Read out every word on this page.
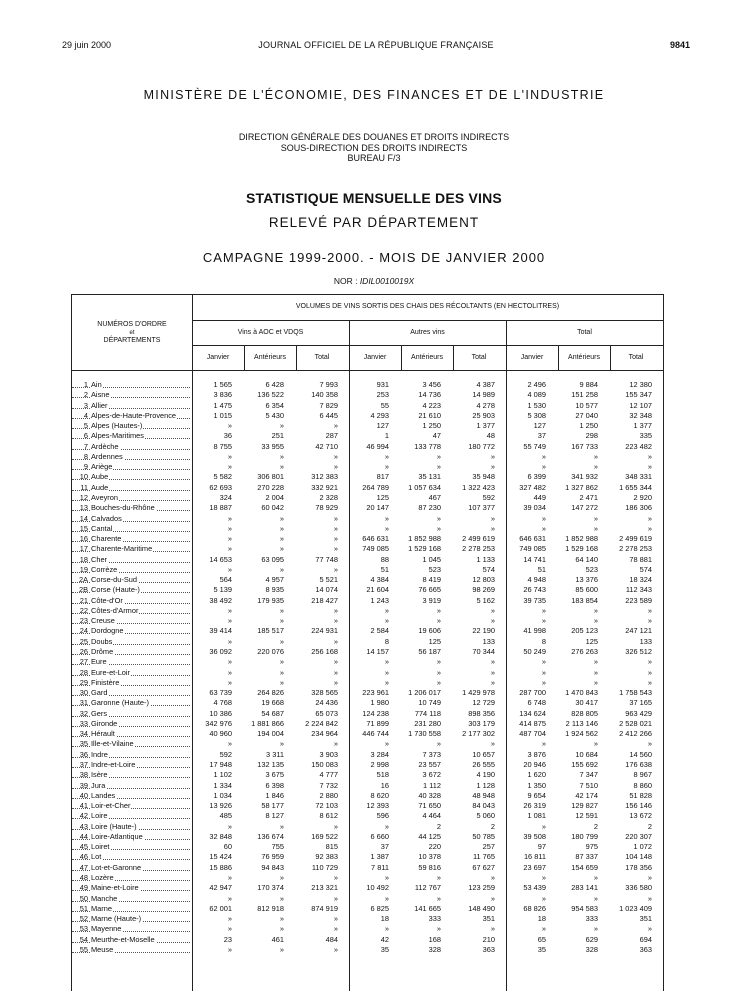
29 juin 2000	JOURNAL OFFICIEL DE LA RÉPUBLIQUE FRANÇAISE	9841
MINISTÈRE DE L'ÉCONOMIE, DES FINANCES ET DE L'INDUSTRIE
DIRECTION GÉNÉRALE DES DOUANES ET DROITS INDIRECTS
SOUS-DIRECTION DES DROITS INDIRECTS
BUREAU F/3
STATISTIQUE MENSUELLE DES VINS
RELEVÉ PAR DÉPARTEMENT
CAMPAGNE 1999-2000. - MOIS DE JANVIER 2000
NOR : IDIL0010019X
NUMÉROS D'ORDRE
et
DÉPARTEMENTS
VOLUMES DE VINS SORTIS DES CHAIS DES RÉCOLTANTS (EN HECTOLITRES)
Vins à AOC et VDQS	Autres vins	Total
Janvier	Antérieurs	Total	Janvier	Antérieurs	Total	Janvier	Antérieurs	Total
1 Ain	1 565	6 428	7 993	931	3 456	4 387	2 496	9 884	12 380
2 Aisne	3 836	136 522	140 358	253	14 736	14 989	4 089	151 258	155 347
3 Allier	1 475	6 354	7 829	55	4 223	4 278	1 530	10 577	12 107
4 Alpes-de-Haute-Provence	1 015	5 430	6 445	4 293	21 610	25 903	5 308	27 040	32 348
5 Alpes (Hautes-)	»	»	»	127	1 250	1 377	127	1 250	1 377
6 Alpes-Maritimes	36	251	287	1	47	48	37	298	335
7 Ardèche	8 755	33 955	42 710	46 994	133 778	180 772	55 749	167 733	223 482
8 Ardennes	»	»	»	»	»	»	»	»	»
9 Ariège	»	»	»	»	»	»	»	»	»
10 Aube	5 582	306 801	312 383	817	35 131	35 948	6 399	341 932	348 331
11 Aude	62 693	270 228	332 921	264 789	1 057 634	1 322 423	327 482	1 327 862	1 655 344
12 Aveyron	324	2 004	2 328	125	467	592	449	2 471	2 920
13 Bouches-du-Rhône	18 887	60 042	78 929	20 147	87 230	107 377	39 034	147 272	186 306
14 Calvados	»	»	»	»	»	»	»	»	»
15 Cantal	»	»	»	»	»	»	»	»	»
16 Charente	»	»	»	646 631	1 852 988	2 499 619	646 631	1 852 988	2 499 619
17 Charente-Maritime	»	»	»	749 085	1 529 168	2 278 253	749 085	1 529 168	2 278 253
18 Cher	14 653	63 095	77 748	88	1 045	1 133	14 741	64 140	78 881
19 Corrèze	»	»	»	51	523	574	51	523	574
2A Corse-du-Sud	564	4 957	5 521	4 384	8 419	12 803	4 948	13 376	18 324
2B Corse (Haute-)	5 139	8 935	14 074	21 604	76 665	98 269	26 743	85 600	112 343
21 Côte-d'Or	38 492	179 935	218 427	1 243	3 919	5 162	39 735	183 854	223 589
22 Côtes-d'Armor	»	»	»	»	»	»	»	»	»
23 Creuse	»	»	»	»	»	»	»	»	»
24 Dordogne	39 414	185 517	224 931	2 584	19 606	22 190	41 998	205 123	247 121
25 Doubs	»	»	»	8	125	133	8	125	133
26 Drôme	36 092	220 076	256 168	14 157	56 187	70 344	50 249	276 263	326 512
27 Eure	»	»	»	»	»	»	»	»	»
28 Eure-et-Loir	»	»	»	»	»	»	»	»	»
29 Finistère	»	»	»	»	»	»	»	»	»
30 Gard	63 739	264 826	328 565	223 961	1 206 017	1 429 978	287 700	1 470 843	1 758 543
31 Garonne (Haute-)	4 768	19 668	24 436	1 980	10 749	12 729	6 748	30 417	37 165
32 Gers	10 386	54 687	65 073	124 238	774 118	898 356	134 624	828 805	963 429
33 Gironde	342 976	1 881 866	2 224 842	71 899	231 280	303 179	414 875	2 113 146	2 528 021
34 Hérault	40 960	194 004	234 964	446 744	1 730 558	2 177 302	487 704	1 924 562	2 412 266
35 Ille-et-Vilaine	»	»	»	»	»	»	»	»	»
36 Indre	592	3 311	3 903	3 284	7 373	10 657	3 876	10 684	14 560
37 Indre-et-Loire	17 948	132 135	150 083	2 998	23 557	26 555	20 946	155 692	176 638
38 Isère	1 102	3 675	4 777	518	3 672	4 190	1 620	7 347	8 967
39 Jura	1 334	6 398	7 732	16	1 112	1 128	1 350	7 510	8 860
40 Landes	1 034	1 846	2 880	8 620	40 328	48 948	9 654	42 174	51 828
41 Loir-et-Cher	13 926	58 177	72 103	12 393	71 650	84 043	26 319	129 827	156 146
42 Loire	485	8 127	8 612	596	4 464	5 060	1 081	12 591	13 672
43 Loire (Haute-)	»	»	»	»	2	2	»	2	2
44 Loire-Atlantique	32 848	136 674	169 522	6 660	44 125	50 785	39 508	180 799	220 307
45 Loiret	60	755	815	37	220	257	97	975	1 072
46 Lot	15 424	76 959	92 383	1 387	10 378	11 765	16 811	87 337	104 148
47 Lot-et-Garonne	15 886	94 843	110 729	7 811	59 816	67 627	23 697	154 659	178 356
48 Lozère	»	»	»	»	»	»	»	»	»
49 Maine-et-Loire	42 947	170 374	213 321	10 492	112 767	123 259	53 439	283 141	336 580
50 Manche	»	»	»	»	»	»	»	»	»
51 Marne	62 001	812 918	874 919	6 825	141 665	148 490	68 826	954 583	1 023 409
52 Marne (Haute-)	»	»	»	18	333	351	18	333	351
53 Mayenne	»	»	»	»	»	»	»	»	»
54 Meurthe-et-Moselle	23	461	484	42	168	210	65	629	694
55 Meuse	»	»	»	35	328	363	35	328	363
